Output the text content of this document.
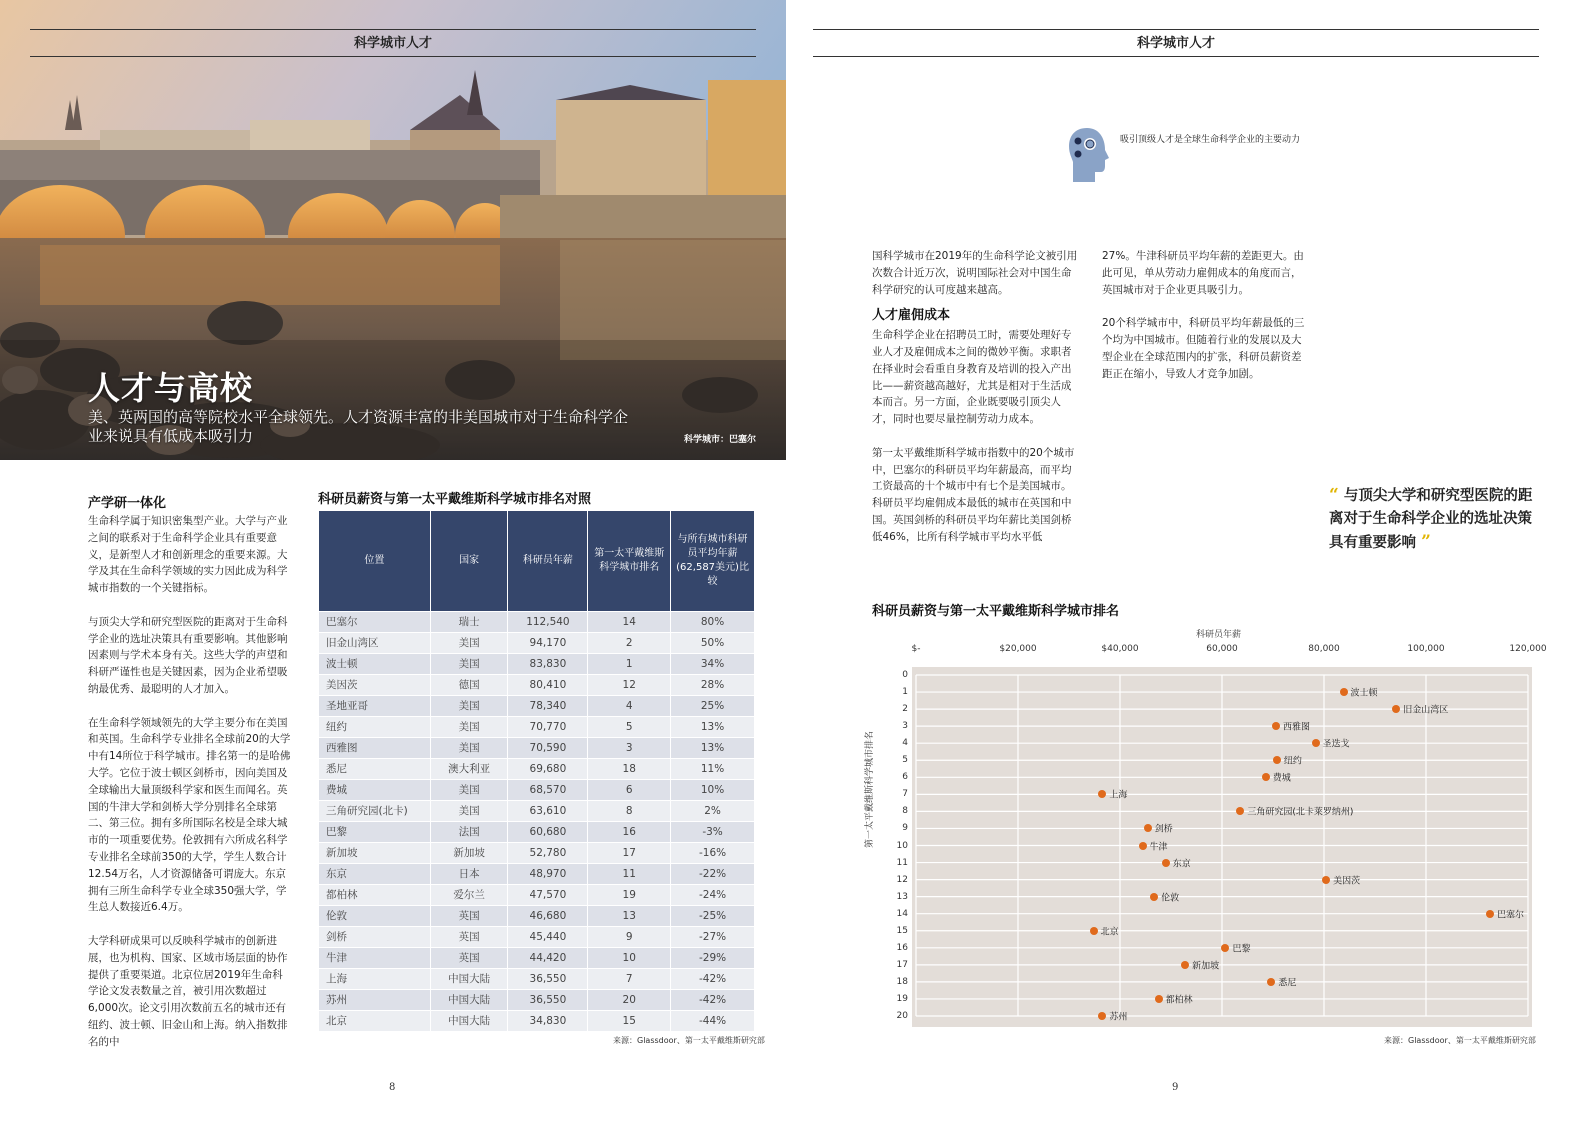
科学城市人才
人才与高校
美、英两国的高等院校水平全球领先。人才资源丰富的非美国城市对于生命科学企业来说具有低成本吸引力	科学城市：巴塞尔
产学研一体化

生命科学属于知识密集型产业。大学与产业之间的联系对于生命科学企业具有重要意义，是新型人才和创新理念的重要来源。大学及其在生命科学领域的实力因此成为科学城市指数的一个关键指标。

与顶尖大学和研究型医院的距离对于生命科学企业的选址决策具有重要影响。其他影响因素则与学术本身有关。这些大学的声望和科研严谨性也是关键因素，因为企业希望吸纳最优秀、最聪明的人才加入。

在生命科学领域领先的大学主要分布在美国和英国。生命科学专业排名全球前20的大学中有14所位于科学城市。排名第一的是哈佛大学。它位于波士顿区剑桥市，因向美国及全球输出大量顶级科学家和医生而闻名。英国的牛津大学和剑桥大学分别排名全球第二、第三位。拥有多所国际名校是全球大城市的一项重要优势。伦敦拥有六所成名科学专业排名全球前350的大学，学生人数合计12.54万名，人才资源储备可谓庞大。东京拥有三所生命科学专业全球350强大学，学生总人数接近6.4万。

大学科研成果可以反映科学城市的创新进展，也为机构、国家、区域市场层面的协作提供了重要渠道。北京位居2019年生命科学论文发表数量之首，被引用次数超过6,000次。论文引用次数前五名的城市还有纽约、波士顿、旧金山和上海。纳入指数排名的中

科研员薪资与第一太平戴维斯科学城市排名对照
位置	国家	科研员年薪	第一太平戴维斯科学城市排名	与所有城市科研员平均年薪(62,587美元)比较
巴塞尔	瑞士	112,540	14	80%
旧金山湾区	美国	94,170	2	50%
波士顿	美国	83,830	1	34%
美因茨	德国	80,410	12	28%
圣地亚哥	美国	78,340	4	25%
纽约	美国	70,770	5	13%
西雅图	美国	70,590	3	13%
悉尼	澳大利亚	69,680	18	11%
费城	美国	68,570	6	10%
三角研究园(北卡)	美国	63,610	8	2%
巴黎	法国	60,680	16	-3%
新加坡	新加坡	52,780	17	-16%
东京	日本	48,970	11	-22%
都柏林	爱尔兰	47,570	19	-24%
伦敦	英国	46,680	13	-25%
剑桥	英国	45,440	9	-27%
牛津	英国	44,420	10	-29%
上海	中国大陆	36,550	7	-42%
苏州	中国大陆	36,550	20	-42%
北京	中国大陆	34,830	15	-44%
来源：Glassdoor、第一太平戴维斯研究部
8
科学城市人才
吸引顶级人才是全球生命科学企业的主要动力

国科学城市在2019年的生命科学论文被引用次数合计近万次，说明国际社会对中国生命科学研究的认可度越来越高。

人才雇佣成本

生命科学企业在招聘员工时，需要处理好专业人才及雇佣成本之间的微妙平衡。求职者在择业时会看重自身教育及培训的投入产出比——薪资越高越好，尤其是相对于生活成本而言。另一方面，企业既要吸引顶尖人才，同时也要尽量控制劳动力成本。

第一太平戴维斯科学城市指数中的20个城市中，巴塞尔的科研员平均年薪最高，而平均工资最高的十个城市中有七个是美国城市。科研员平均雇佣成本最低的城市在英国和中国。英国剑桥的科研员平均年薪比美国剑桥低46%，比所有科学城市平均水平低

27%。牛津科研员平均年薪的差距更大。由此可见，单从劳动力雇佣成本的角度而言，英国城市对于企业更具吸引力。

20个科学城市中，科研员平均年薪最低的三个均为中国城市。但随着行业的发展以及大型企业在全球范围内的扩张，科研员薪资差距正在缩小，导致人才竞争加剧。

“ 与顶尖大学和研究型医院的距离对于生命科学企业的选址决策具有重要影响 ”
科研员薪资与第一太平戴维斯科学城市排名
科研员年薪
$-	$20,000	$40,000	60,000	80,000	100,000	120,000
第一太平戴维斯科学城市排名
0
1
2
3
4
5
6
7
8
9
10
11
12
13
14
15
16
17
18
19
20
波士顿
旧金山湾区
西雅图
圣迭戈
纽约
费城
上海
三角研究园(北卡莱罗纳州)
剑桥
牛津
东京
美因茨
伦敦
巴塞尔
北京
巴黎
新加坡
悉尼
都柏林
苏州
来源：Glassdoor、第一太平戴维斯研究部
9
